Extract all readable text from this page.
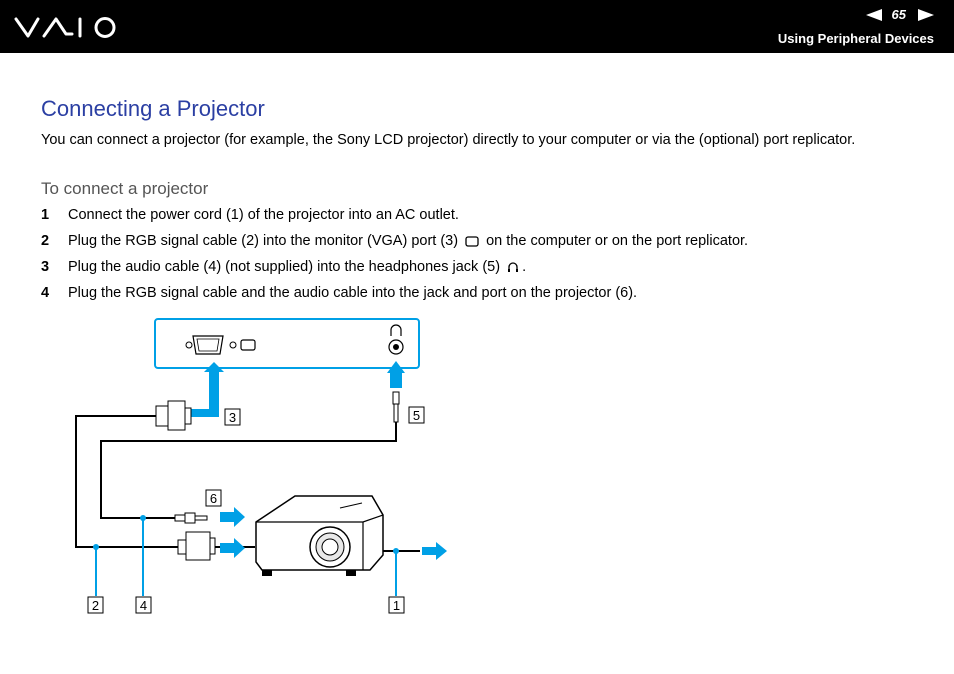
65
Using Peripheral Devices
Connecting a Projector

You can connect a projector (for example, the Sony LCD projector) directly to your computer or via the (optional) port replicator.

To connect a projector
1 Connect the power cord (1) of the projector into an AC outlet.
2 Plug the RGB signal cable (2) into the monitor (VGA) port (3)  on the computer or on the port replicator.
3 Plug the audio cable (4) (not supplied) into the headphones jack (5) .
4 Plug the RGB signal cable and the audio cable into the jack and port on the projector (6).
3	5
6
2	4	1
